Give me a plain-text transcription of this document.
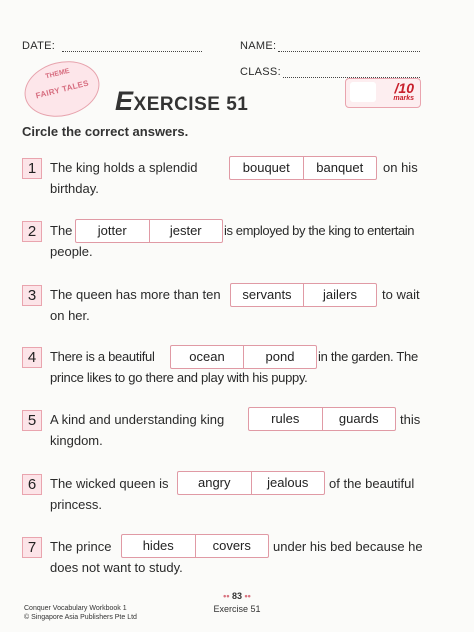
DATE:	NAME:
CLASS:
THEME
FAIRY TALES EXERCISE 51
/10
marks
Circle the correct answers.
1	The king holds a splendid	bouquet	banquet	on his
birthday.
2	The	jotter	jester	is employed by the king to entertain
people.
3	The queen has more than ten	servants	jailers	to wait
on her.
4	There is a beautiful	ocean	pond	in the garden. The
prince likes to go there and play with his puppy.
5	A kind and understanding king	rules	guards	this
kingdom.
6	The wicked queen is	angry	jealous	of the beautiful
princess.
7	The prince	hides	covers	under his bed because he
does not want to study.
Conquer Vocabulary Workbook 1
© Singapore Asia Publishers Pte Ltd
•• 83 ••
Exercise 51
